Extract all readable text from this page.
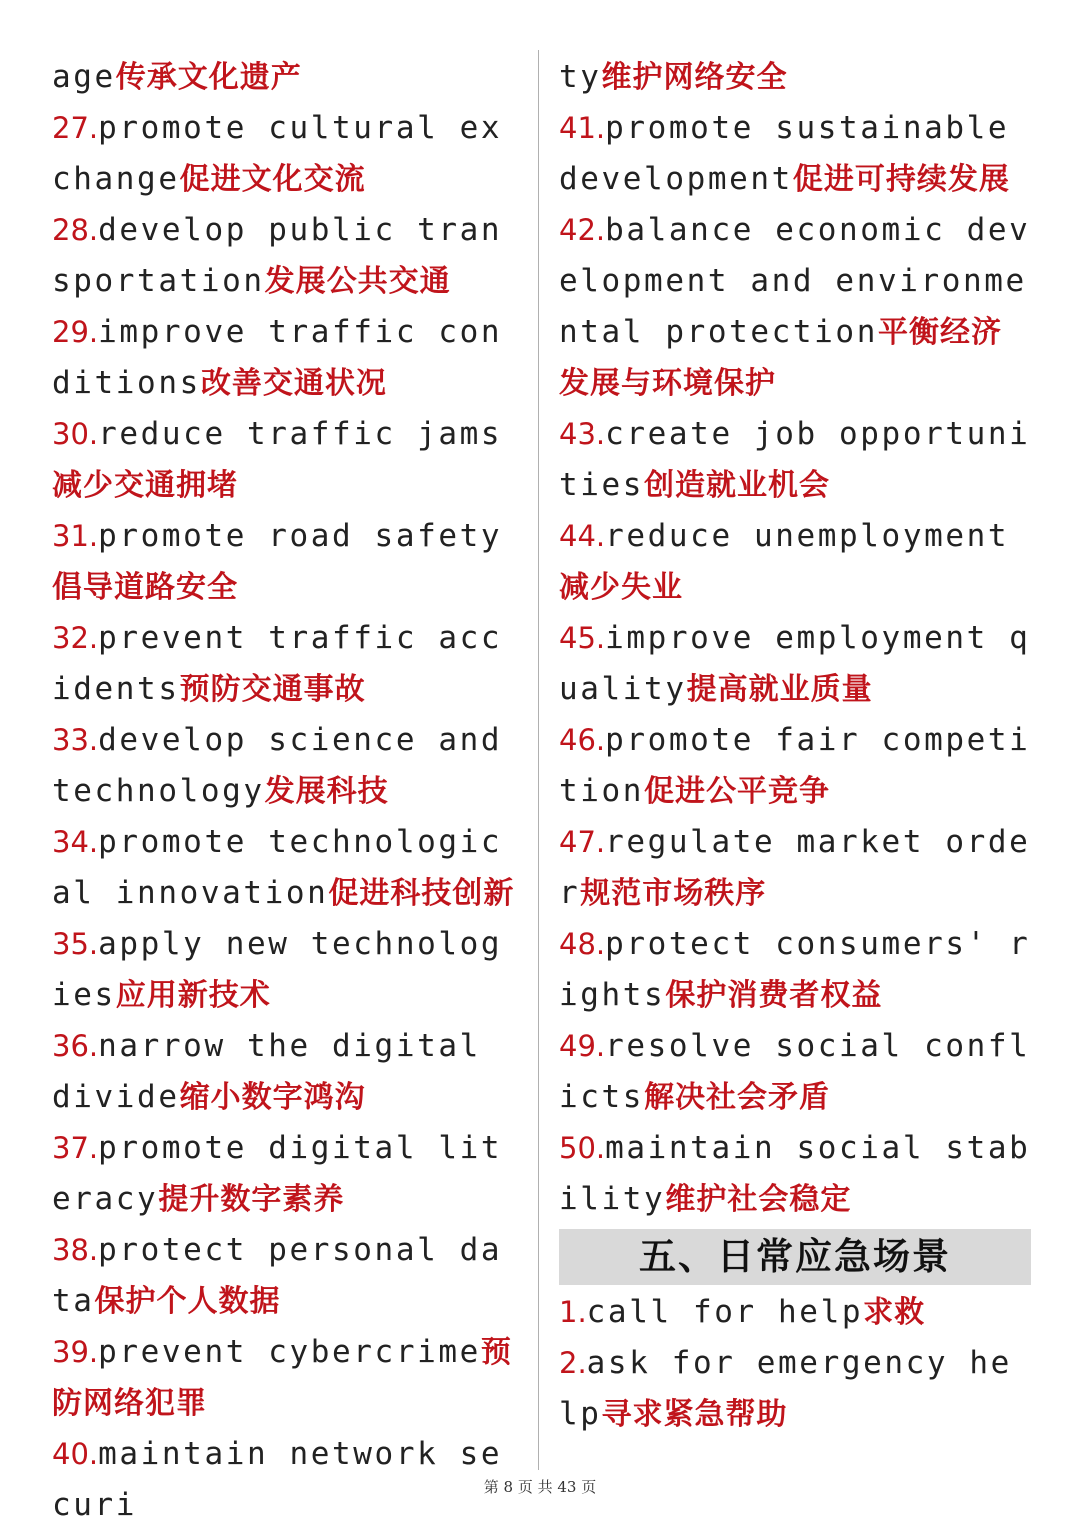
age传承文化遗产

27.promote cultural exchange促进文化交流

28.develop public transportation发展公共交通

29.improve traffic conditions改善交通状况

30.reduce traffic jams减少交通拥堵

31.promote road safety倡导道路安全

32.prevent traffic accidents预防交通事故

33.develop science and technology发展科技

34.promote technological innovation促进科技创新

35.apply new technologies应用新技术

36.narrow the digital divide缩小数字鸿沟

37.promote digital literacy提升数字素养

38.protect personal data保护个人数据

39.prevent cybercrime预防网络犯罪

40.maintain network securi

ty维护网络安全

41.promote sustainable development促进可持续发展

42.balance economic development and environmental protection平衡经济发展与环境保护

43.create job opportunities创造就业机会

44.reduce unemployment减少失业

45.improve employment quality提高就业质量

46.promote fair competition促进公平竞争

47.regulate market order规范市场秩序

48.protect consumers' rights保护消费者权益

49.resolve social conflicts解决社会矛盾

50.maintain social stability维护社会稳定

五、日常应急场景

1.call for help求救

2.ask for emergency help寻求紧急帮助

第 8 页 共 43 页
